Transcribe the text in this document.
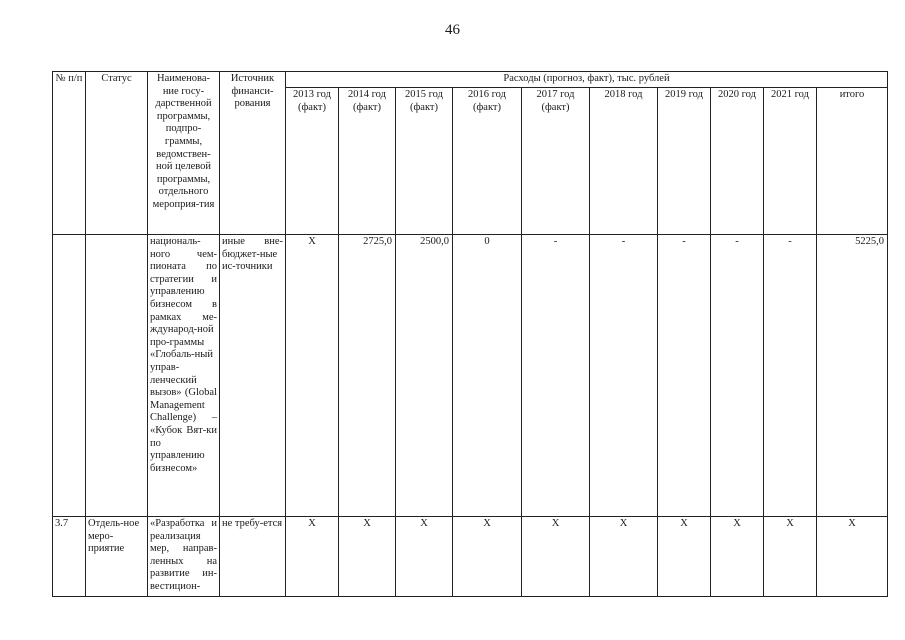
46
№ п/п	Статус	Наименова-ние госу-дарственной программы, подпро-граммы, ведомствен-ной целевой программы, отдельного мероприя-тия	Источник финанси-рования	Расходы (прогноз, факт), тыс. рублей									
				2013 год (факт)	2014 год (факт)	2015 год (факт)	2016 год (факт)	2017 год (факт)	2018 год	2019 год	2020 год	2021 год	итого
		националь-ного чем-пионата по стратегии и управлению бизнесом в рамках ме-ждународ-ной про-граммы «Глобаль-ный управ-ленческий вызов» (Global Management Challenge) – «Кубок Вят-ки по управлению бизнесом»	иные вне-бюджет-ные ис-точники	X	2725,0	2500,0	0	-	-	-	-	-	5225,0
3.7	Отдель-ное меро-приятие	«Разработка и реализация мер, направ-ленных на развитие ин-вестицион-	не требу-ется	X	X	X	X	X	X	X	X	X	X
